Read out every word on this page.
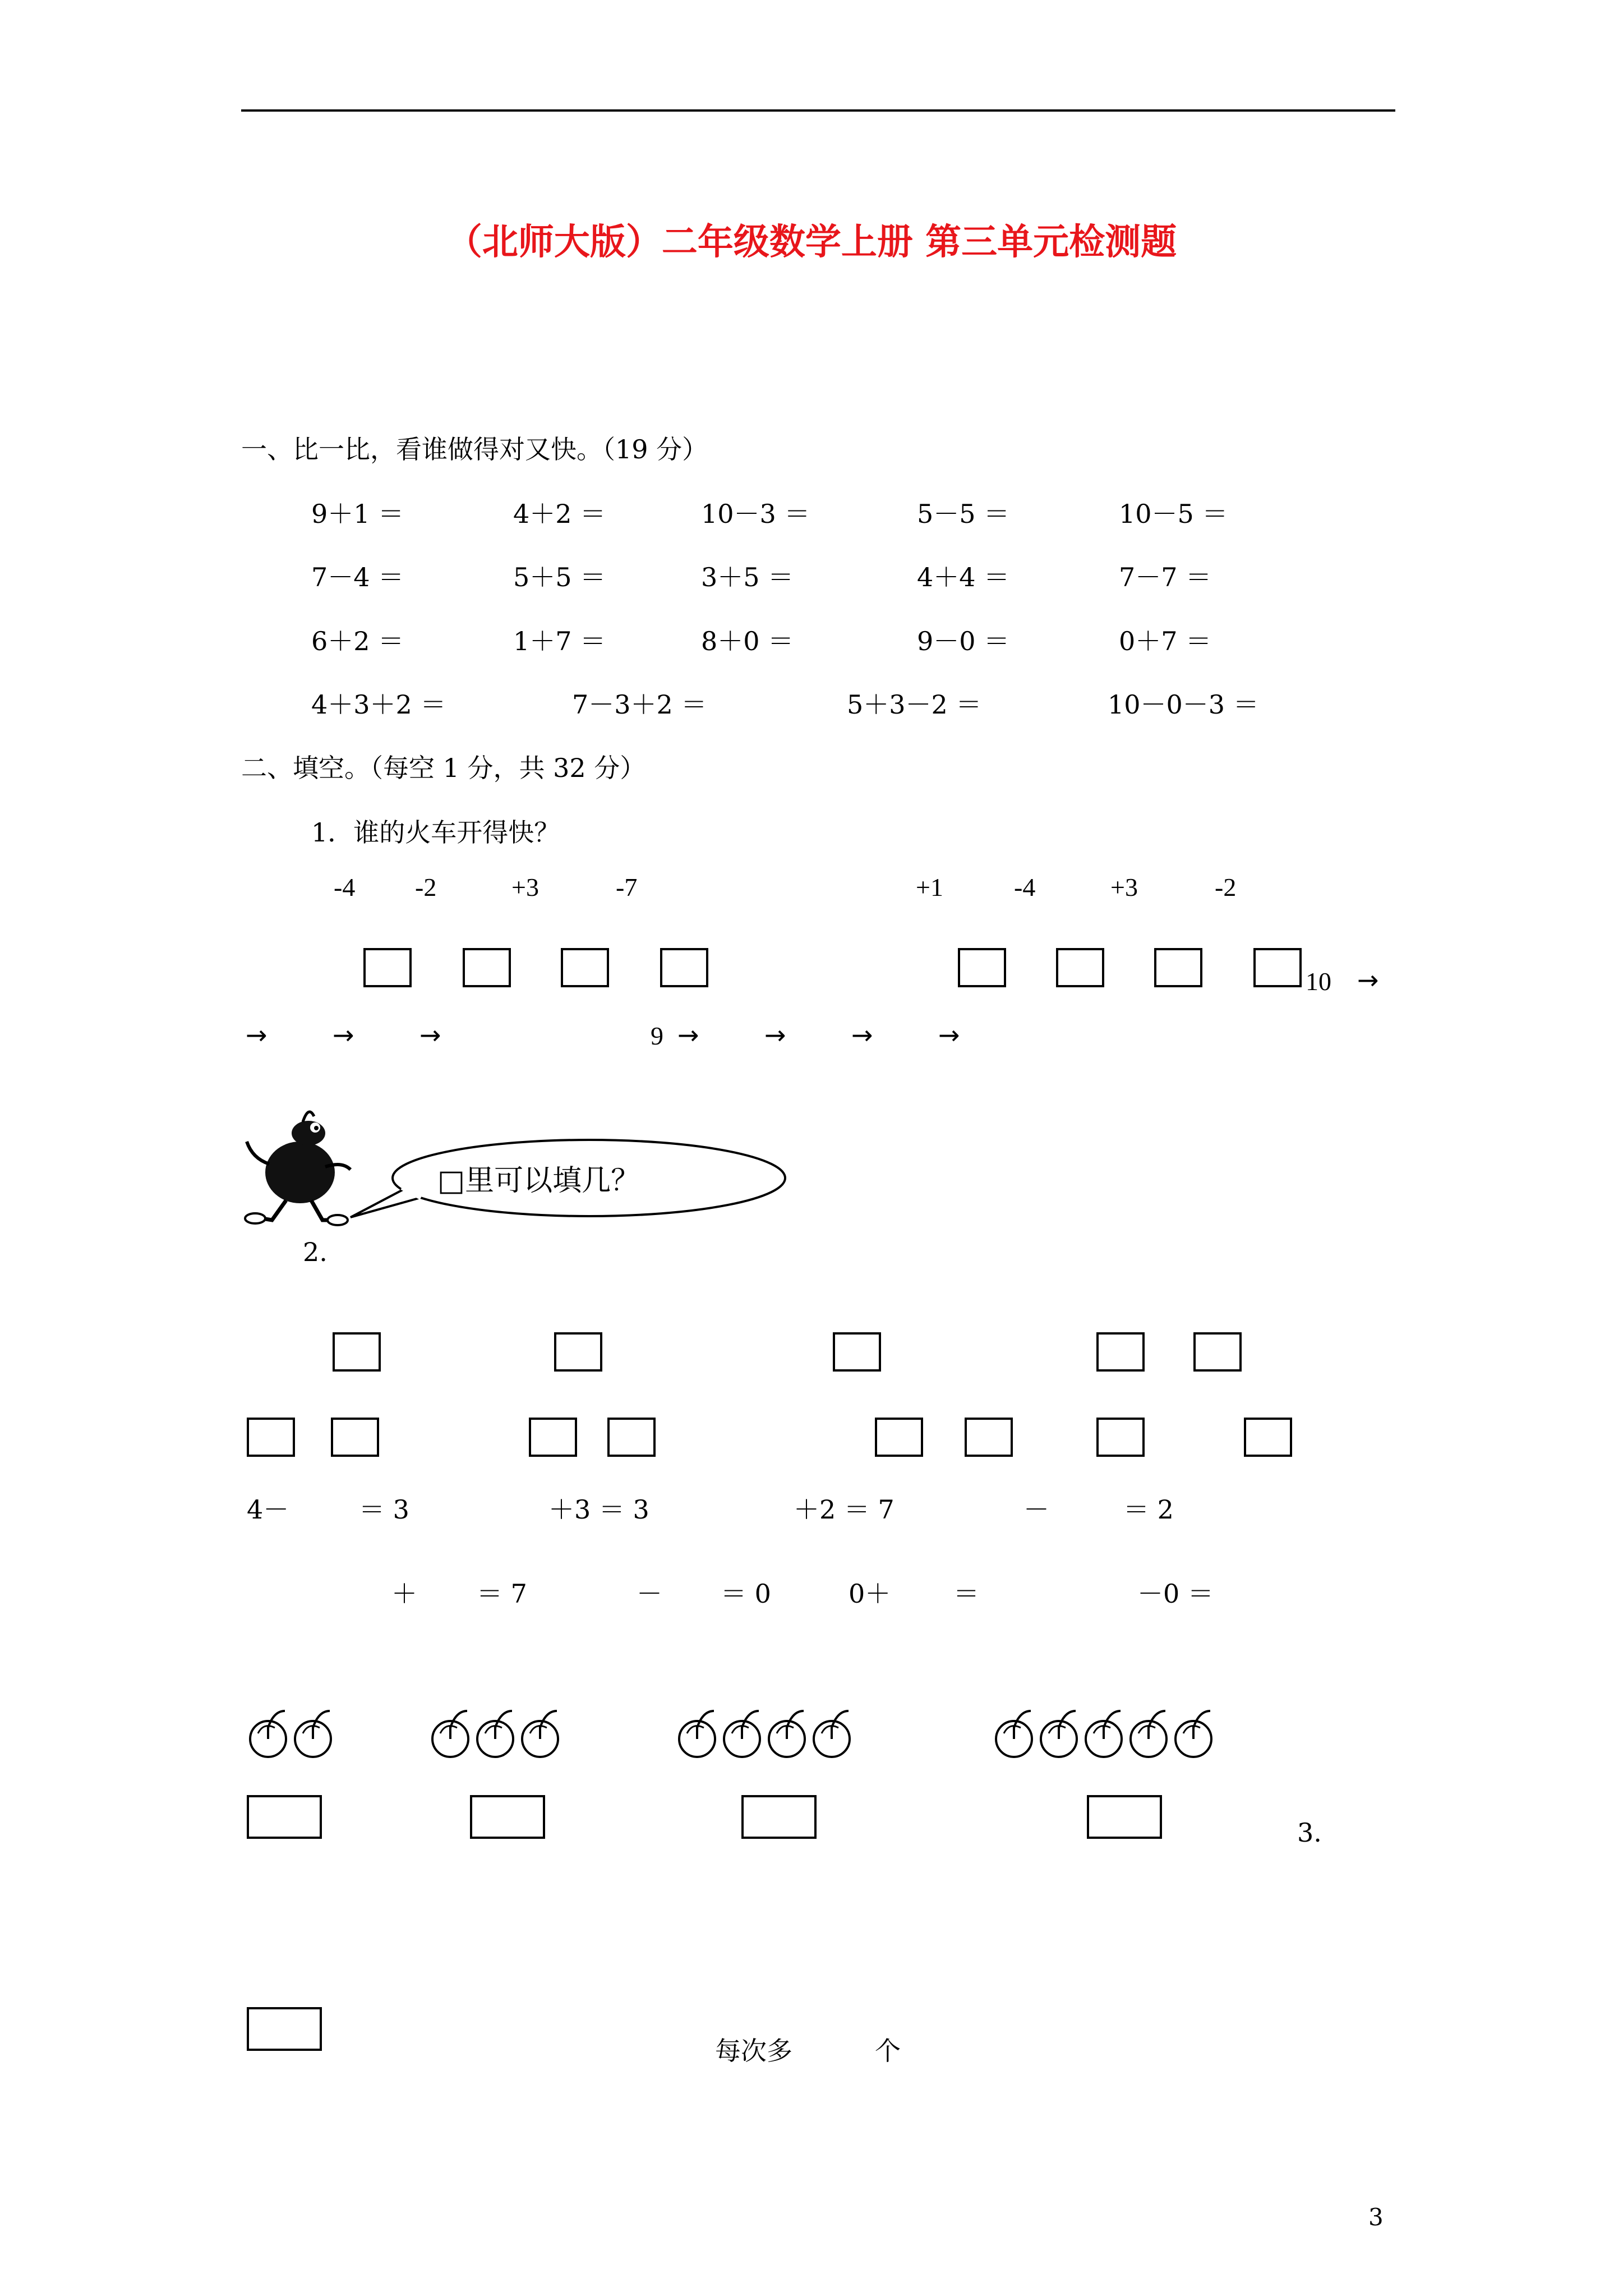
（北师大版）二年级数学上册 第三单元检测题
一、比一比，看谁做得对又快。（19 分）
9＋1 ＝	4＋2 ＝	10－3 ＝	5－5 ＝	10－5 ＝
7－4 ＝	5＋5 ＝	3＋5 ＝	4＋4 ＝	7－7 ＝
6＋2 ＝	1＋7 ＝	8＋0 ＝	9－0 ＝	0＋7 ＝
4＋3＋2 ＝	7－3＋2 ＝	5＋3－2 ＝	10－0－3 ＝
二、填空。（每空 1 分，共 32 分）
1．谁的火车开得快？
-4 -2	+3	-7	+1	-4	+3	-2
10 →
→	→	→	9 →	→	→	→
□里可以填几？
2.
4－	＝ 3	＋3 ＝ 3	＋2 ＝ 7	－	＝ 2
＋ ＝ 7	－ ＝ 0	0＋ ＝	－0 ＝
3.
每次多	个
3
